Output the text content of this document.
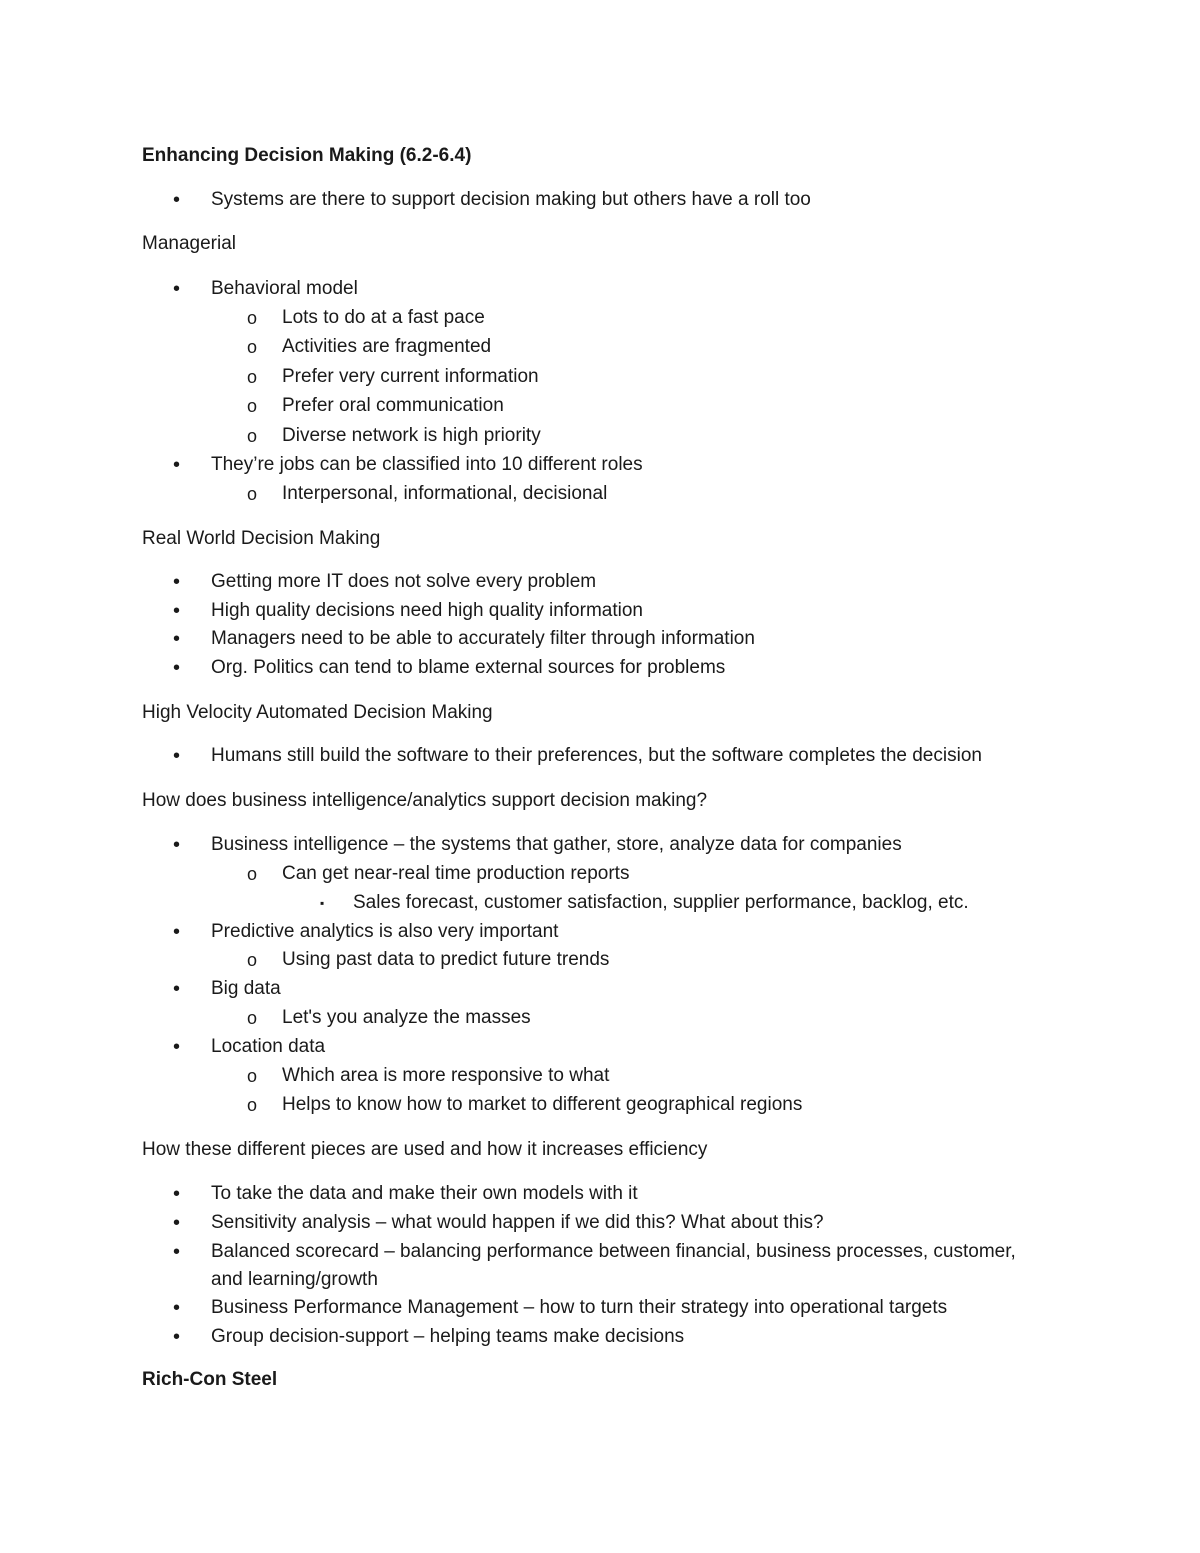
Enhancing Decision Making (6.2-6.4)
Systems are there to support decision making but others have a roll too
•
Managerial
Behavioral model
•
Lots to do at a fast pace
o
Activities are fragmented
o
Prefer very current information
o
Prefer oral communication
o
Diverse network is high priority
o
They’re jobs can be classified into 10 different roles
•
Interpersonal, informational, decisional
o
Real World Decision Making
Getting more IT does not solve every problem
•
High quality decisions need high quality information
•
Managers need to be able to accurately filter through information
•
Org. Politics can tend to blame external sources for problems
•
High Velocity Automated Decision Making
Humans still build the software to their preferences, but the software completes the decision
•
How does business intelligence/analytics support decision making?
Business intelligence – the systems that gather, store, analyze data for companies
•
Can get near-real time production reports
o
Sales forecast, customer satisfaction, supplier performance, backlog, etc.
▪
Predictive analytics is also very important
•
Using past data to predict future trends
o
Big data
•
Let's you analyze the masses
o
Location data
•
Which area is more responsive to what
o
Helps to know how to market to different geographical regions
o
How these different pieces are used and how it increases efficiency
To take the data and make their own models with it
•
Sensitivity analysis – what would happen if we did this? What about this?
•
Balanced scorecard – balancing performance between financial, business processes, customer,
•
and learning/growth
Business Performance Management – how to turn their strategy into operational targets
•
Group decision-support – helping teams make decisions
•
Rich-Con Steel
